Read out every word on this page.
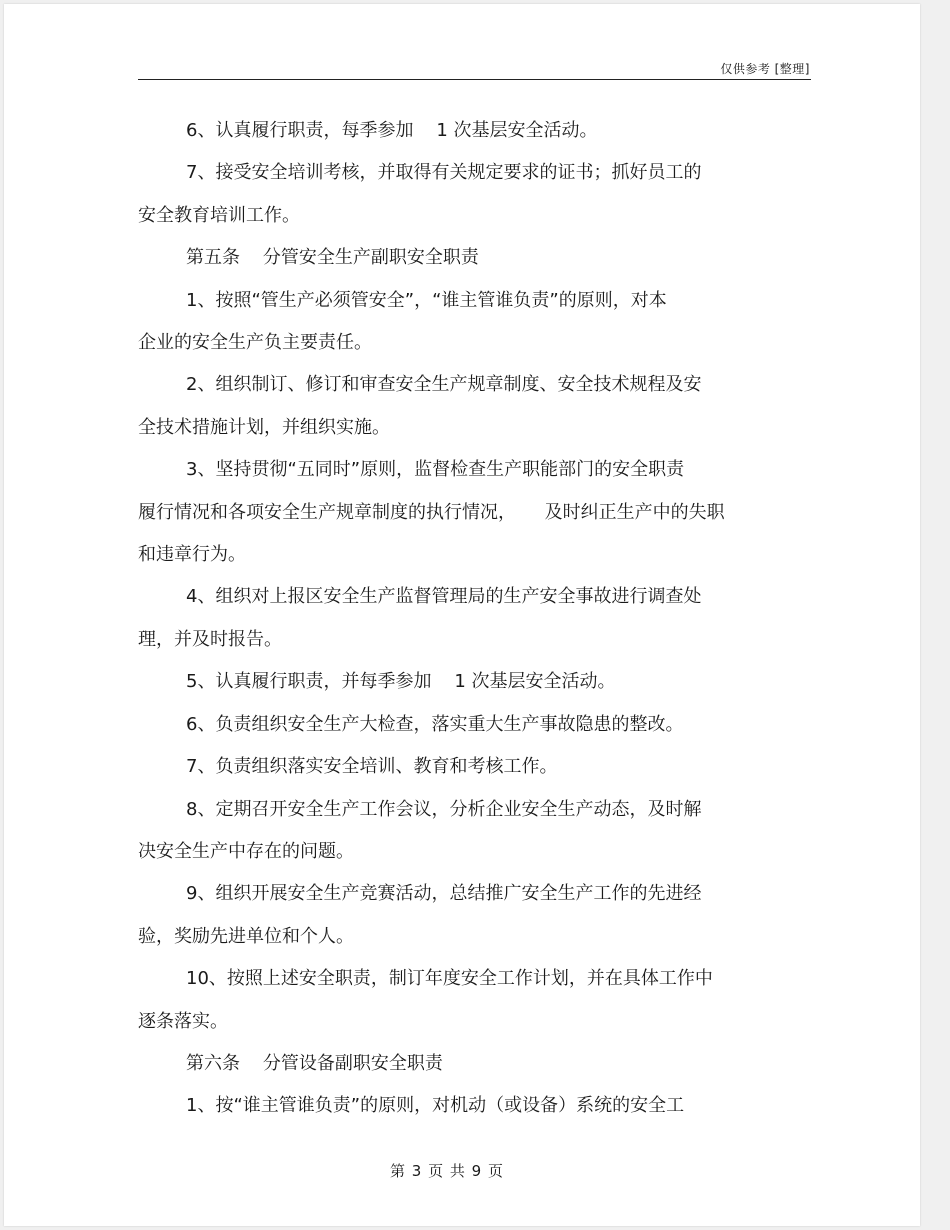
仅供参考 [整理]

6、认真履行职责，每季参加    1 次基层安全活动。

7、接受安全培训考核，并取得有关规定要求的证书；抓好员工的

安全教育培训工作。

第五条    分管安全生产副职安全职责

1、按照“管生产必须管安全”，“谁主管谁负责”的原则，对本

企业的安全生产负主要责任。

2、组织制订、修订和审查安全生产规章制度、安全技术规程及安

全技术措施计划，并组织实施。

3、坚持贯彻“五同时”原则，监督检查生产职能部门的安全职责

履行情况和各项安全生产规章制度的执行情况，     及时纠正生产中的失职

和违章行为。

4、组织对上报区安全生产监督管理局的生产安全事故进行调查处

理，并及时报告。

5、认真履行职责，并每季参加    1 次基层安全活动。

6、负责组织安全生产大检查，落实重大生产事故隐患的整改。

7、负责组织落实安全培训、教育和考核工作。

8、定期召开安全生产工作会议，分析企业安全生产动态，及时解

决安全生产中存在的问题。

9、组织开展安全生产竞赛活动，总结推广安全生产工作的先进经

验，奖励先进单位和个人。

10、按照上述安全职责，制订年度安全工作计划，并在具体工作中

逐条落实。

第六条    分管设备副职安全职责

1、按“谁主管谁负责”的原则，对机动（或设备）系统的安全工

第 3 页 共 9 页
